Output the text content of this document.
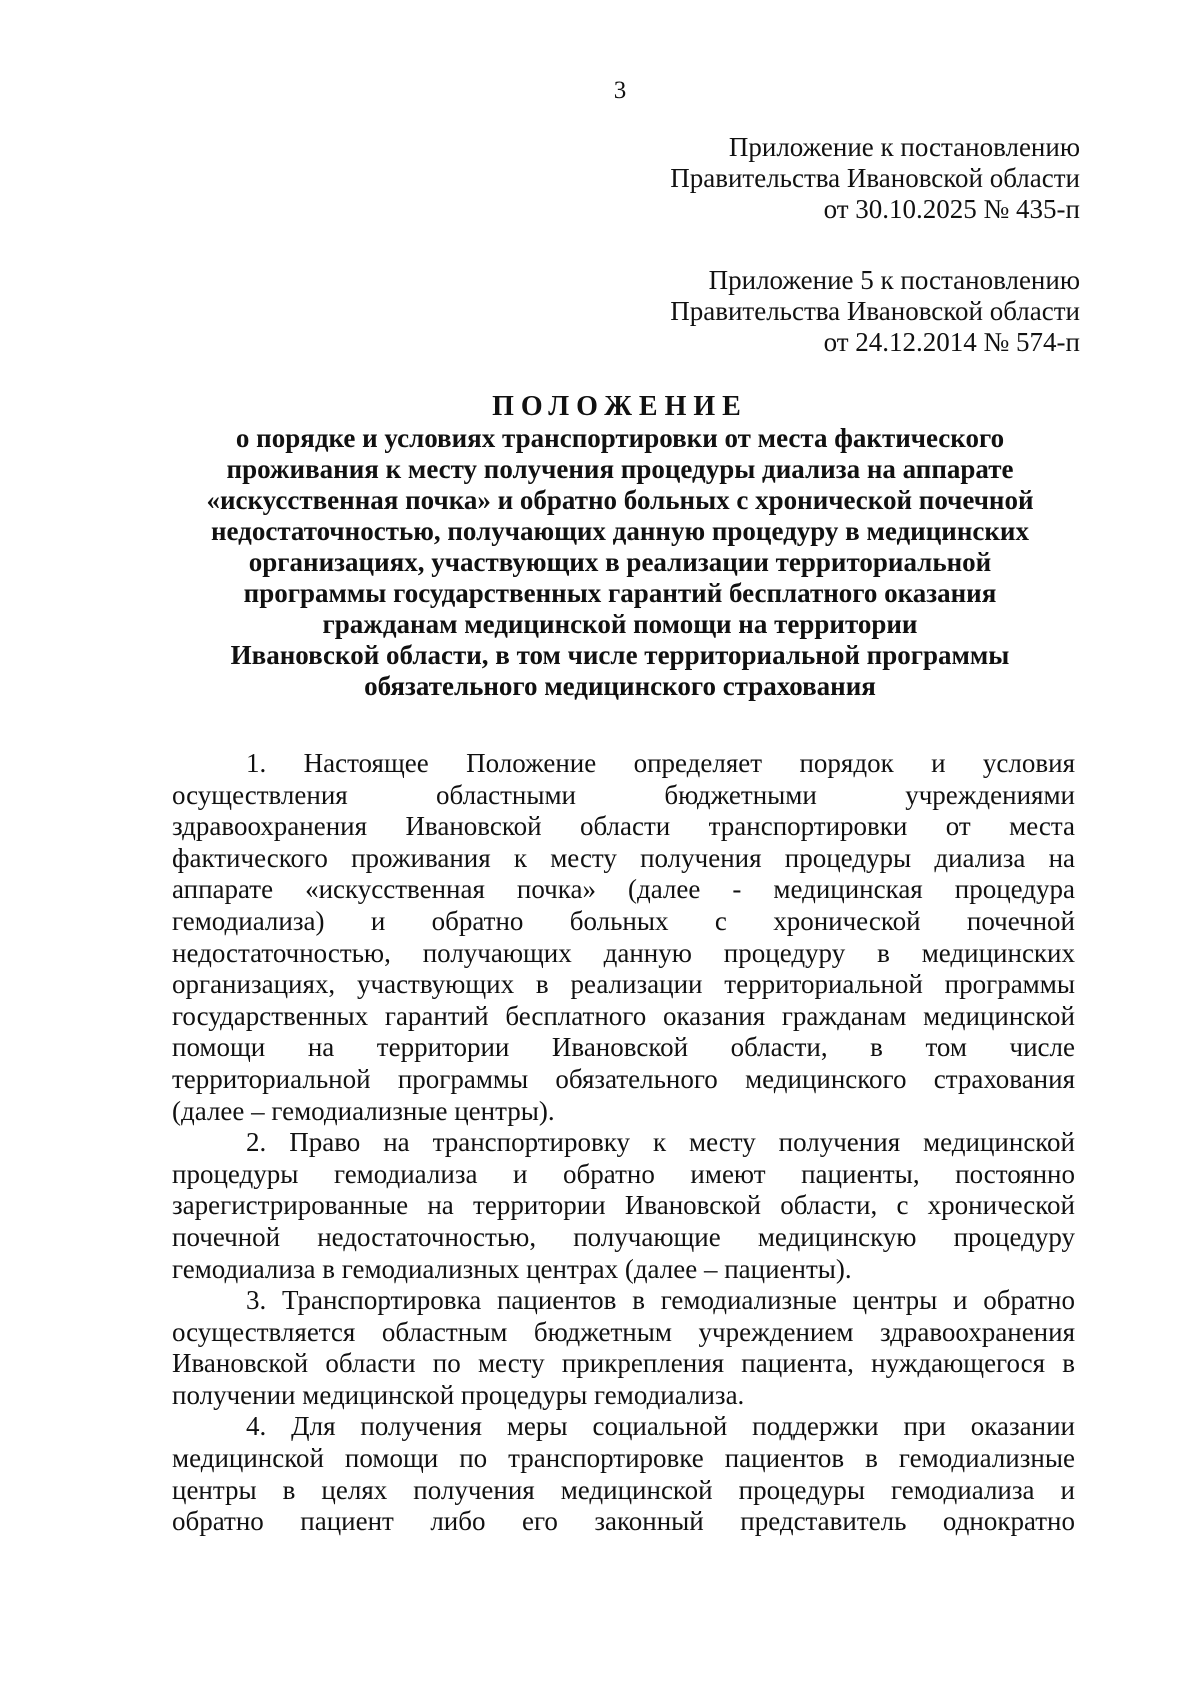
3
Приложение к постановлению
Правительства Ивановской области
от 30.10.2025 № 435-п
Приложение 5 к постановлению
Правительства Ивановской области
от 24.12.2014 № 574-п
ПОЛОЖЕНИЕ
о порядке и условиях транспортировки от места фактического
проживания к месту получения процедуры диализа на аппарате
«искусственная почка» и обратно больных с хронической почечной
недостаточностью, получающих данную процедуру в медицинских
организациях, участвующих в реализации территориальной
программы государственных гарантий бесплатного оказания
гражданам медицинской помощи на территории
Ивановской области, в том числе территориальной программы
обязательного медицинского страхования
1. Настоящее Положение определяет порядок и условия
осуществления областными бюджетными учреждениями
здравоохранения Ивановской области транспортировки от места
фактического проживания к месту получения процедуры диализа на
аппарате «искусственная почка» (далее - медицинская процедура
гемодиализа) и обратно больных с хронической почечной
недостаточностью, получающих данную процедуру в медицинских
организациях, участвующих в реализации территориальной программы
государственных гарантий бесплатного оказания гражданам медицинской
помощи на территории Ивановской области, в том числе
территориальной программы обязательного медицинского страхования
(далее – гемодиализные центры).
2. Право на транспортировку к месту получения медицинской
процедуры гемодиализа и обратно имеют пациенты, постоянно
зарегистрированные на территории Ивановской области, с хронической
почечной недостаточностью, получающие медицинскую процедуру
гемодиализа в гемодиализных центрах (далее – пациенты).
3. Транспортировка пациентов в гемодиализные центры и обратно
осуществляется областным бюджетным учреждением здравоохранения
Ивановской области по месту прикрепления пациента, нуждающегося в
получении медицинской процедуры гемодиализа.
4. Для получения меры социальной поддержки при оказании
медицинской помощи по транспортировке пациентов в гемодиализные
центры в целях получения медицинской процедуры гемодиализа и
обратно пациент либо его законный представитель однократно
